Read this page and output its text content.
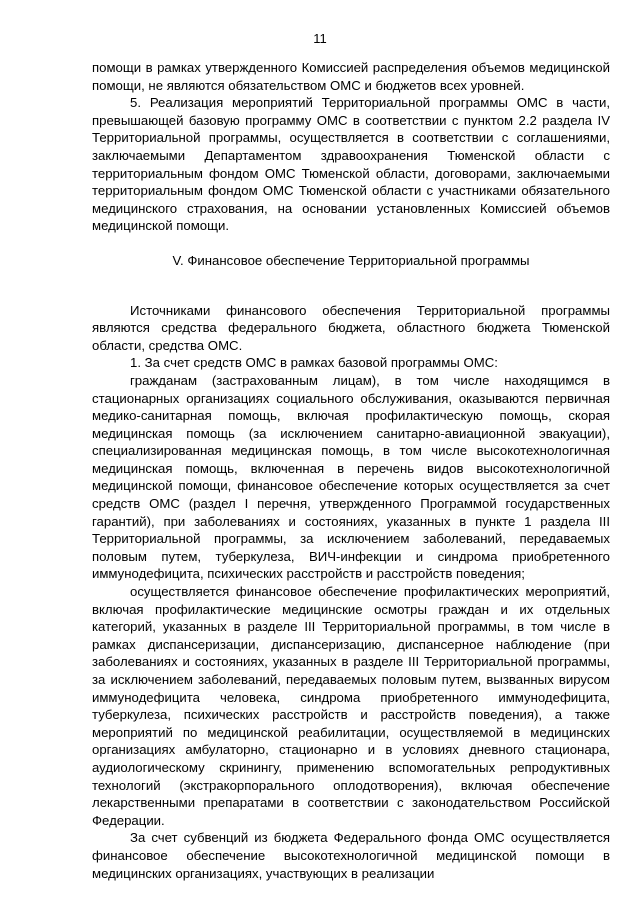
11

помощи в рамках утвержденного Комиссией распределения объемов медицинской помощи, не являются обязательством ОМС и бюджетов всех уровней.

5. Реализация мероприятий Территориальной программы ОМС в части, превышающей базовую программу ОМС в соответствии с пунктом 2.2 раздела IV Территориальной программы, осуществляется в соответствии с соглашениями, заключаемыми Департаментом здравоохранения Тюменской области с территориальным фондом ОМС Тюменской области, договорами, заключаемыми территориальным фондом ОМС Тюменской области с участниками обязательного медицинского страхования, на основании установленных Комиссией объемов медицинской помощи.

V. Финансовое обеспечение Территориальной программы

Источниками финансового обеспечения Территориальной программы являются средства федерального бюджета, областного бюджета Тюменской области, средства ОМС.

1. За счет средств ОМС в рамках базовой программы ОМС:

гражданам (застрахованным лицам), в том числе находящимся в стационарных организациях социального обслуживания, оказываются первичная медико-санитарная помощь, включая профилактическую помощь, скорая медицинская помощь (за исключением санитарно-авиационной эвакуации), специализированная медицинская помощь, в том числе высокотехнологичная медицинская помощь, включенная в перечень видов высокотехнологичной медицинской помощи, финансовое обеспечение которых осуществляется за счет средств ОМС (раздел I перечня, утвержденного Программой государственных гарантий), при заболеваниях и состояниях, указанных в пункте 1 раздела III Территориальной программы, за исключением заболеваний, передаваемых половым путем, туберкулеза, ВИЧ-инфекции и синдрома приобретенного иммунодефицита, психических расстройств и расстройств поведения;

осуществляется финансовое обеспечение профилактических мероприятий, включая профилактические медицинские осмотры граждан и их отдельных категорий, указанных в разделе III Территориальной программы, в том числе в рамках диспансеризации, диспансеризацию, диспансерное наблюдение (при заболеваниях и состояниях, указанных в разделе III Территориальной программы, за исключением заболеваний, передаваемых половым путем, вызванных вирусом иммунодефицита человека, синдрома приобретенного иммунодефицита, туберкулеза, психических расстройств и расстройств поведения), а также мероприятий по медицинской реабилитации, осуществляемой в медицинских организациях амбулаторно, стационарно и в условиях дневного стационара, аудиологическому скринингу, применению вспомогательных репродуктивных технологий (экстракорпорального оплодотворения), включая обеспечение лекарственными препаратами в соответствии с законодательством Российской Федерации.

За счет субвенций из бюджета Федерального фонда ОМС осуществляется финансовое обеспечение высокотехнологичной медицинской помощи в медицинских организациях, участвующих в реализации
